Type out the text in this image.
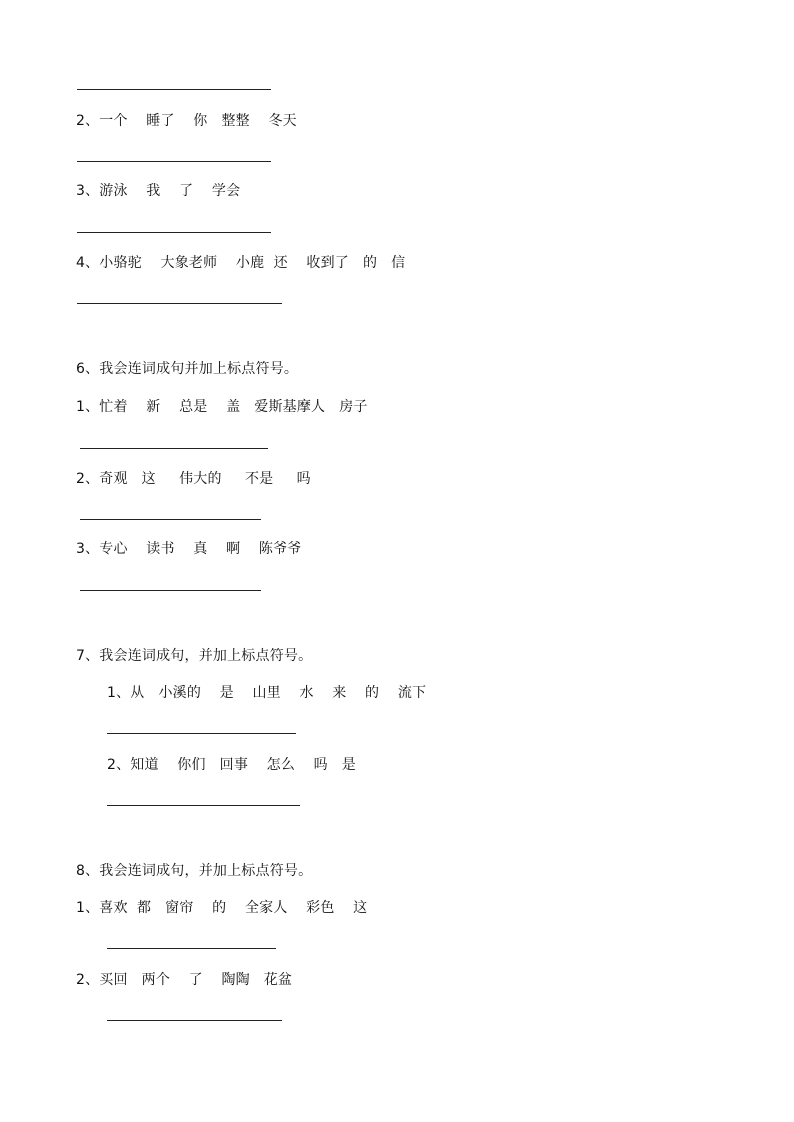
2、一个    睡了    你   整整    冬天
3、游泳    我    了    学会
4、小骆驼    大象老师    小鹿  还    收到了   的   信
6、我会连词成句并加上标点符号。
1、忙着    新    总是    盖   爱斯基摩人   房子
2、奇观   这     伟大的     不是     吗
3、专心    读书    真    啊    陈爷爷
7、我会连词成句，并加上标点符号。
1、从   小溪的    是    山里    水    来    的    流下
2、知道    你们   回事    怎么    吗   是
8、我会连词成句，并加上标点符号。
1、喜欢  都   窗帘    的    全家人    彩色    这
2、买回   两个    了    陶陶   花盆
